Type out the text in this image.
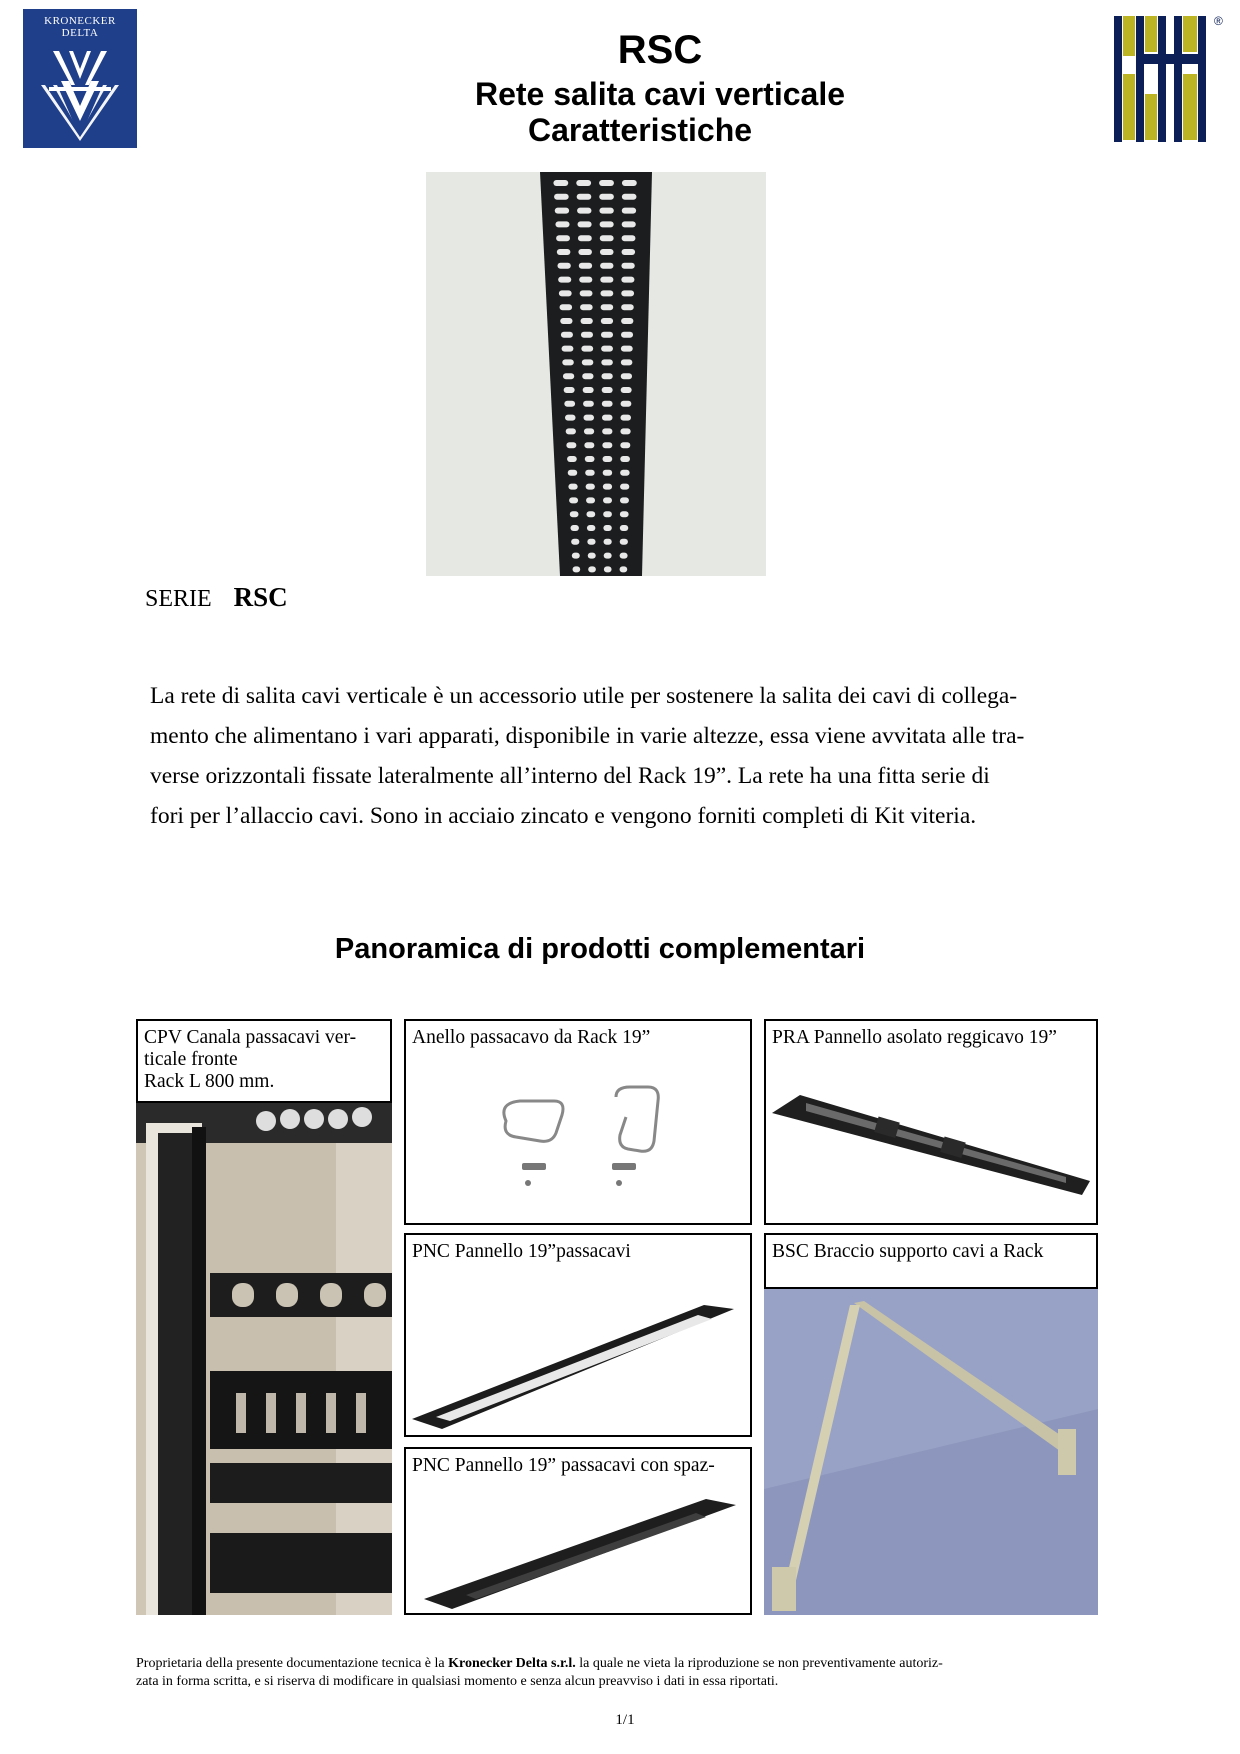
KRONECKER
DELTA
®
RSC
Rete salita cavi verticale
Caratteristiche
SERIE RSC
La rete di salita cavi verticale è un accessorio utile per sostenere la salita dei cavi di collega-
mento che alimentano i vari apparati, disponibile in varie altezze, essa viene avvitata alle tra-
verse orizzontali fissate lateralmente all’interno del Rack 19”. La rete ha una fitta serie di
fori per l’allaccio cavi. Sono in acciaio zincato e vengono forniti completi di Kit viteria.
Panoramica di prodotti complementari
CPV Canala passacavi ver-
ticale fronte
Rack L 800 mm.
Anello passacavo da Rack 19”	PRA Pannello asolato reggicavo 19”
PNC Pannello 19”passacavi	BSC Braccio supporto cavi a Rack
PNC Pannello 19” passacavi con spaz-
Proprietaria della presente documentazione tecnica è la Kronecker Delta s.r.l. la quale ne vieta la riproduzione se non preventivamente autoriz-
zata in forma scritta, e si riserva di modificare in qualsiasi momento e senza alcun preavviso i dati in essa riportati.
1/1
